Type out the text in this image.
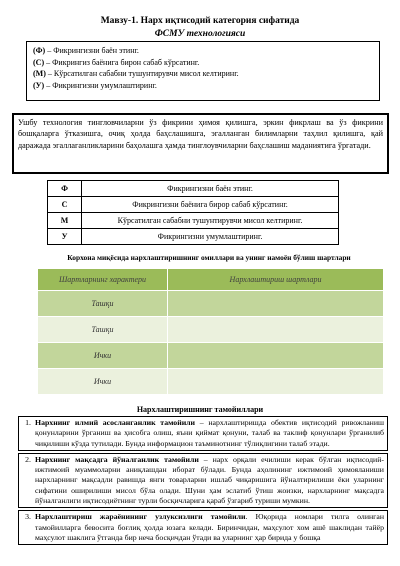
Мавзу-1. Нарх иқтисодий категория сифатида
ФСМУ технологияси
(Ф) – Фикрингизни баён этинг.
(С) – Фикрингиз баёнига бирон сабаб кўрсатинг.
(М) – Кўрсатилган сабабни тушунтирувчи мисол келтиринг.
(У) – Фикрингизни умумлаштиринг.
Ушбу технология тингловчиларни ўз фикрини ҳимоя қилишга, эркин фикрлаш ва ўз фикрини бошқаларга ўтказишга, очиқ ҳолда баҳслашишга, эгалланган билимларни таҳлил қилишга, қай даражада эгаллаганликларини баҳолашга ҳамда тинглоувчиларни баҳслашиш маданиятига ўргатади.
Ф	Фикрингизни баён этинг.
С	Фикрингизни баёнига бирор сабаб кўрсатинг.
М	Кўрсатилган сабабни тушунтирувчи мисол келтиринг.
У	Фикрингизни умумлаштиринг.
Корхона миқёсида нархлаштиришнинг омиллари ва унинг намоён бўлиш шартлари
Шартларнинг характери	Нархлаштириш шартлари
Ташқи	
Ташқи	
Ички	
Ички	
Нархлаштиришнинг тамойиллари
1. Нархнинг илмий асосланганлик тамойили – нархлаштиришда обектив иқтисодий ривожланиш қонунларини ўрганиш ва ҳисобга олиш, яъни қиймат қонуни, талаб ва таклиф қонунлари ўрганилиб чиқилиши кўзда тутилади. Бунда информацион таъминотнинг тўлиқлигини талаб этади.
2. Нархнинг мақсадга йўналганлик тамойили – нарх орқали ечилиши керак бўлган иқтисодий-ижтимоий муаммоларни аниқлашдан иборат бўлади. Бунда аҳолининг ижтимоий ҳимояланиши нархларнинг мақсадли равишда янги товарларни ишлаб чиқаришига йўналтирилиши ёки уларнинг сифатини оширилиши мисол бўла олади. Шуни ҳам эслатиб ўтиш жоизки, нархларнинг мақсадга йўналганлиги иқтисодиётнинг турли босқичларига қараб ўзгариб туриши мумкин.
3. Нархлаштириш жараёнининг узлуксизлиги тамойили. Юқорида номлари тилга олинган тамойилларга бевосита боғлиқ ҳолда юзага келади. Биринчидан, маҳсулот хом ашё шаклидан тайёр маҳсулот шаклига ўтганда бир неча босқичдан ўтади ва уларнинг ҳар бирида у бошқа
